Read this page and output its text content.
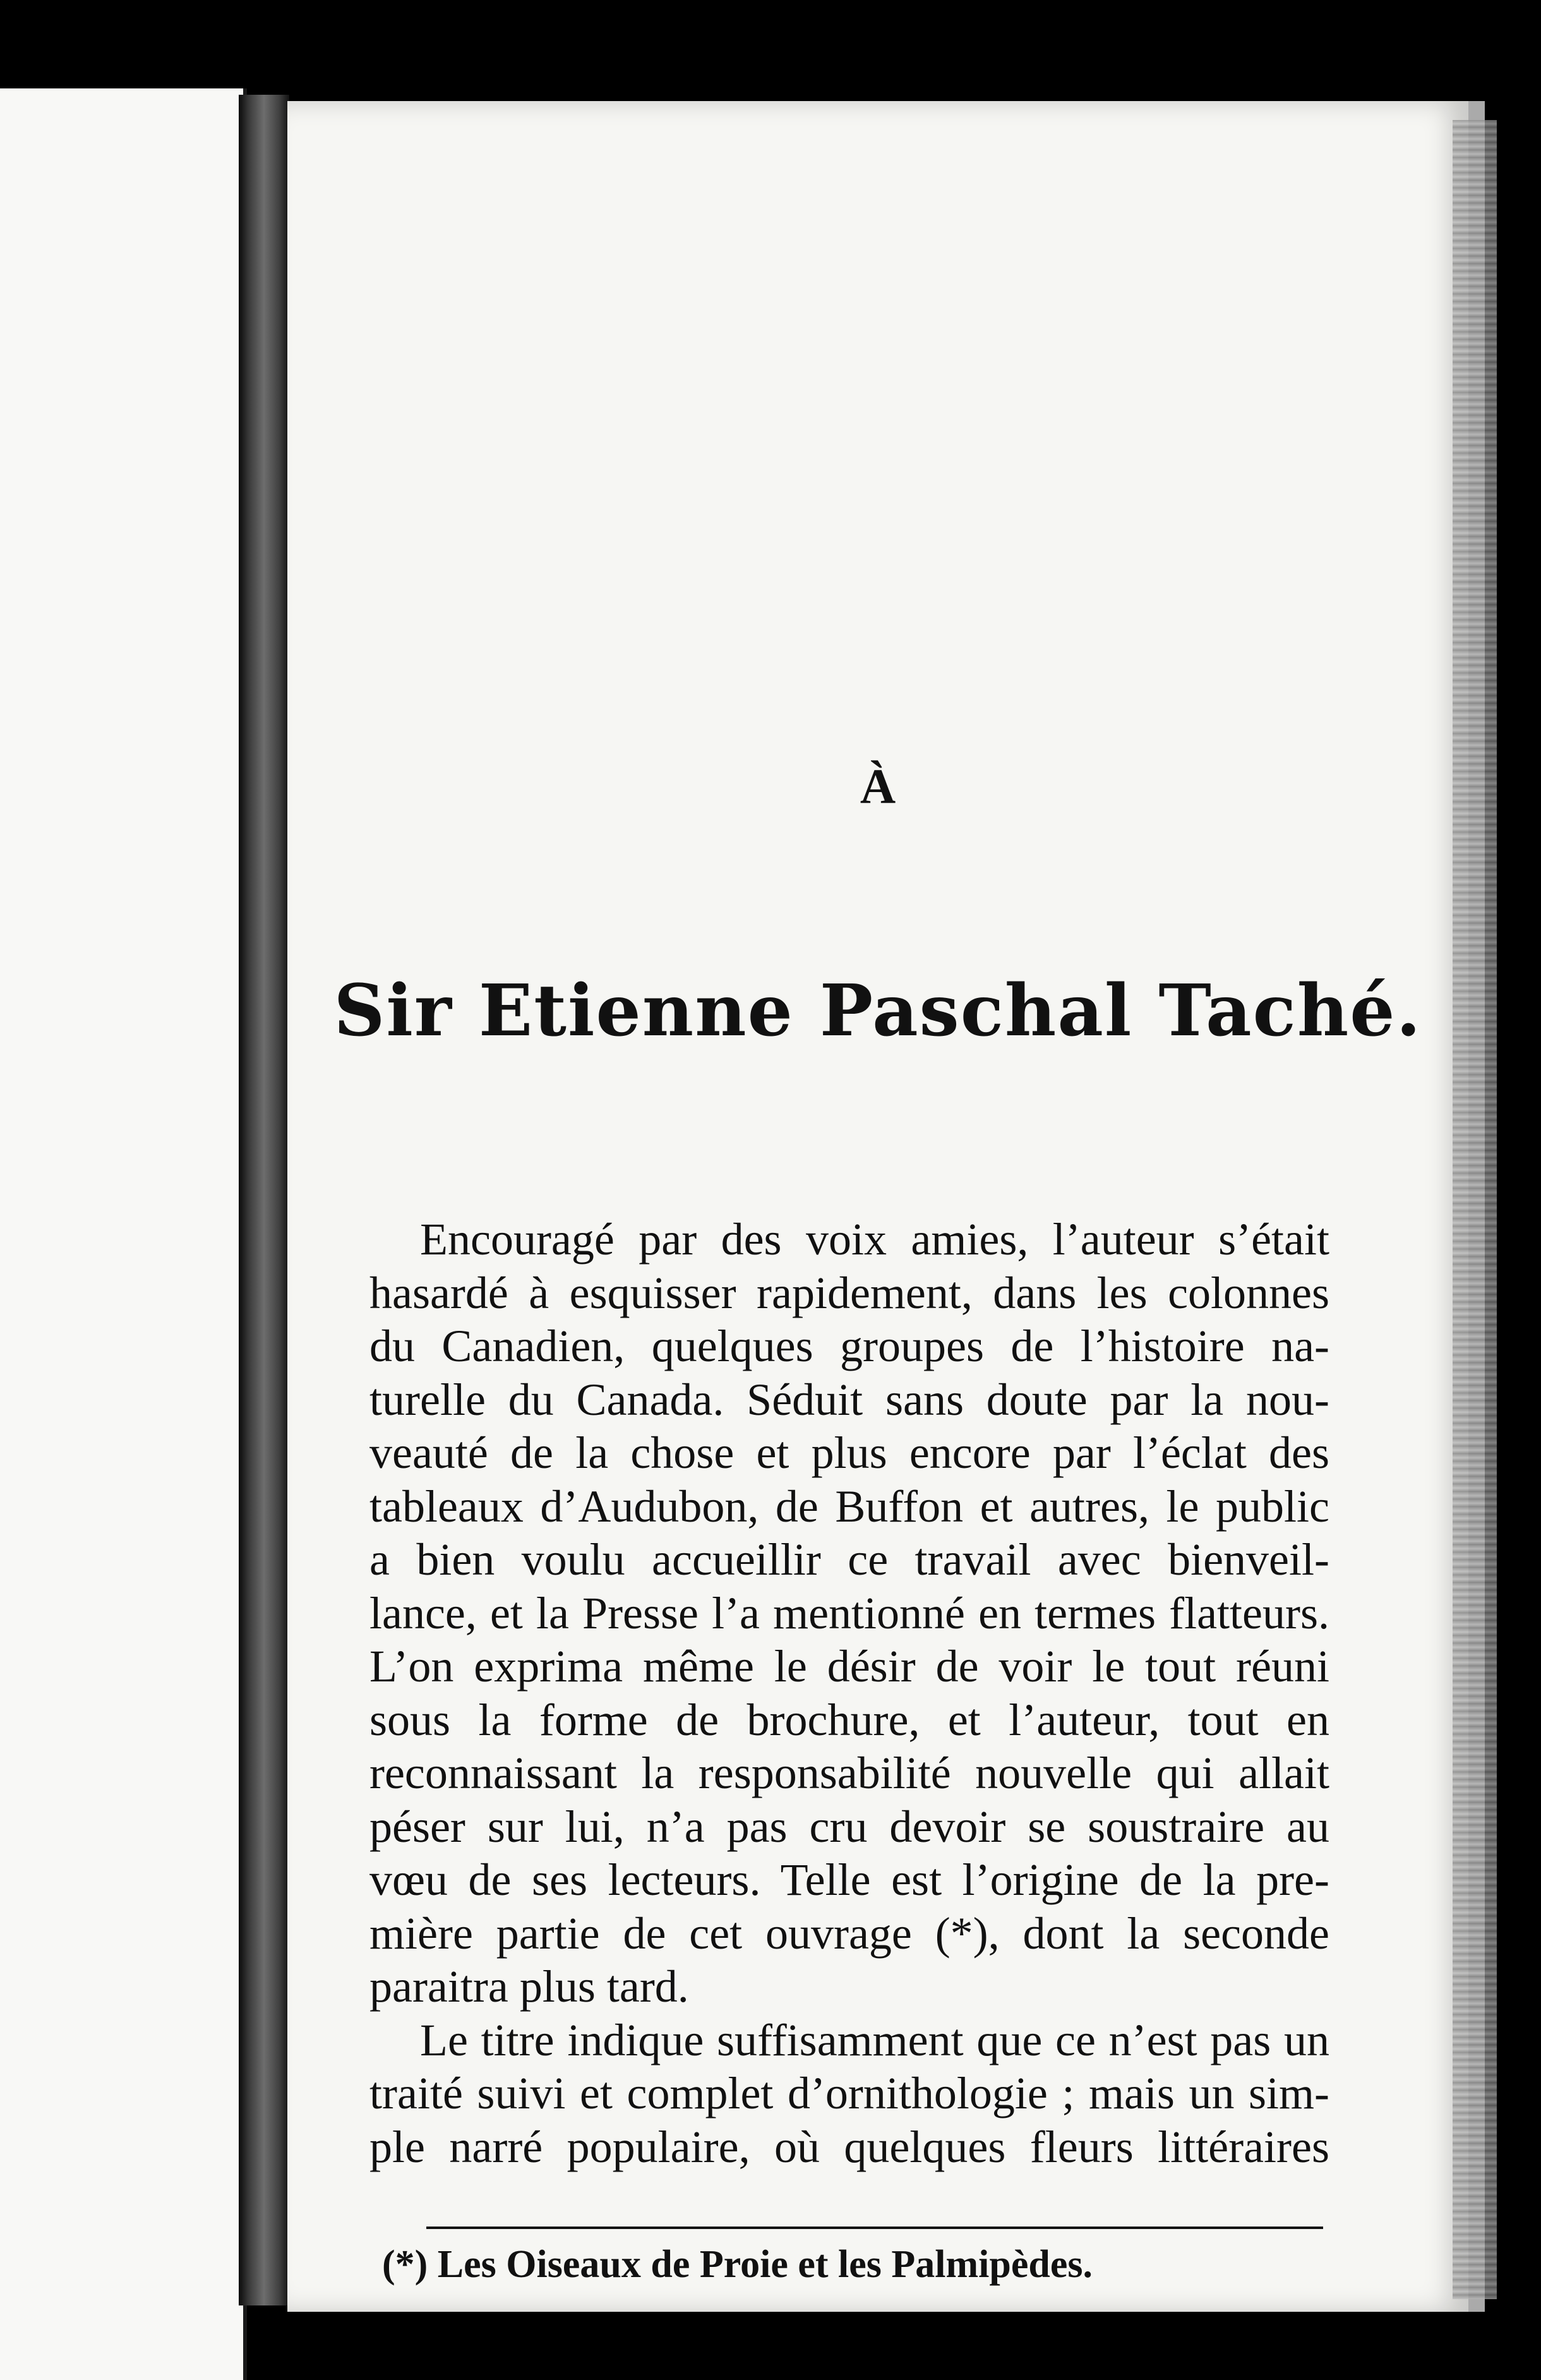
À
Sir Etienne Paschal Taché.
Encouragé par des voix amies, l’auteur s’était
hasardé à esquisser rapidement, dans les colonnes
du Canadien, quelques groupes de l’histoire na-
turelle du Canada. Séduit sans doute par la nou-
veauté de la chose et plus encore par l’éclat des
tableaux d’Audubon, de Buffon et autres, le public
a bien voulu accueillir ce travail avec bienveil-
lance, et la Presse l’a mentionné en termes flatteurs.
L’on exprima même le désir de voir le tout réuni
sous la forme de brochure, et l’auteur, tout en
reconnaissant la responsabilité nouvelle qui allait
péser sur lui, n’a pas cru devoir se soustraire au
vœu de ses lecteurs. Telle est l’origine de la pre-
mière partie de cet ouvrage (*), dont la seconde
paraitra plus tard.
Le titre indique suffisamment que ce n’est pas un
traité suivi et complet d’ornithologie ; mais un sim-
ple narré populaire, où quelques fleurs littéraires
(*) Les Oiseaux de Proie et les Palmipèdes.
